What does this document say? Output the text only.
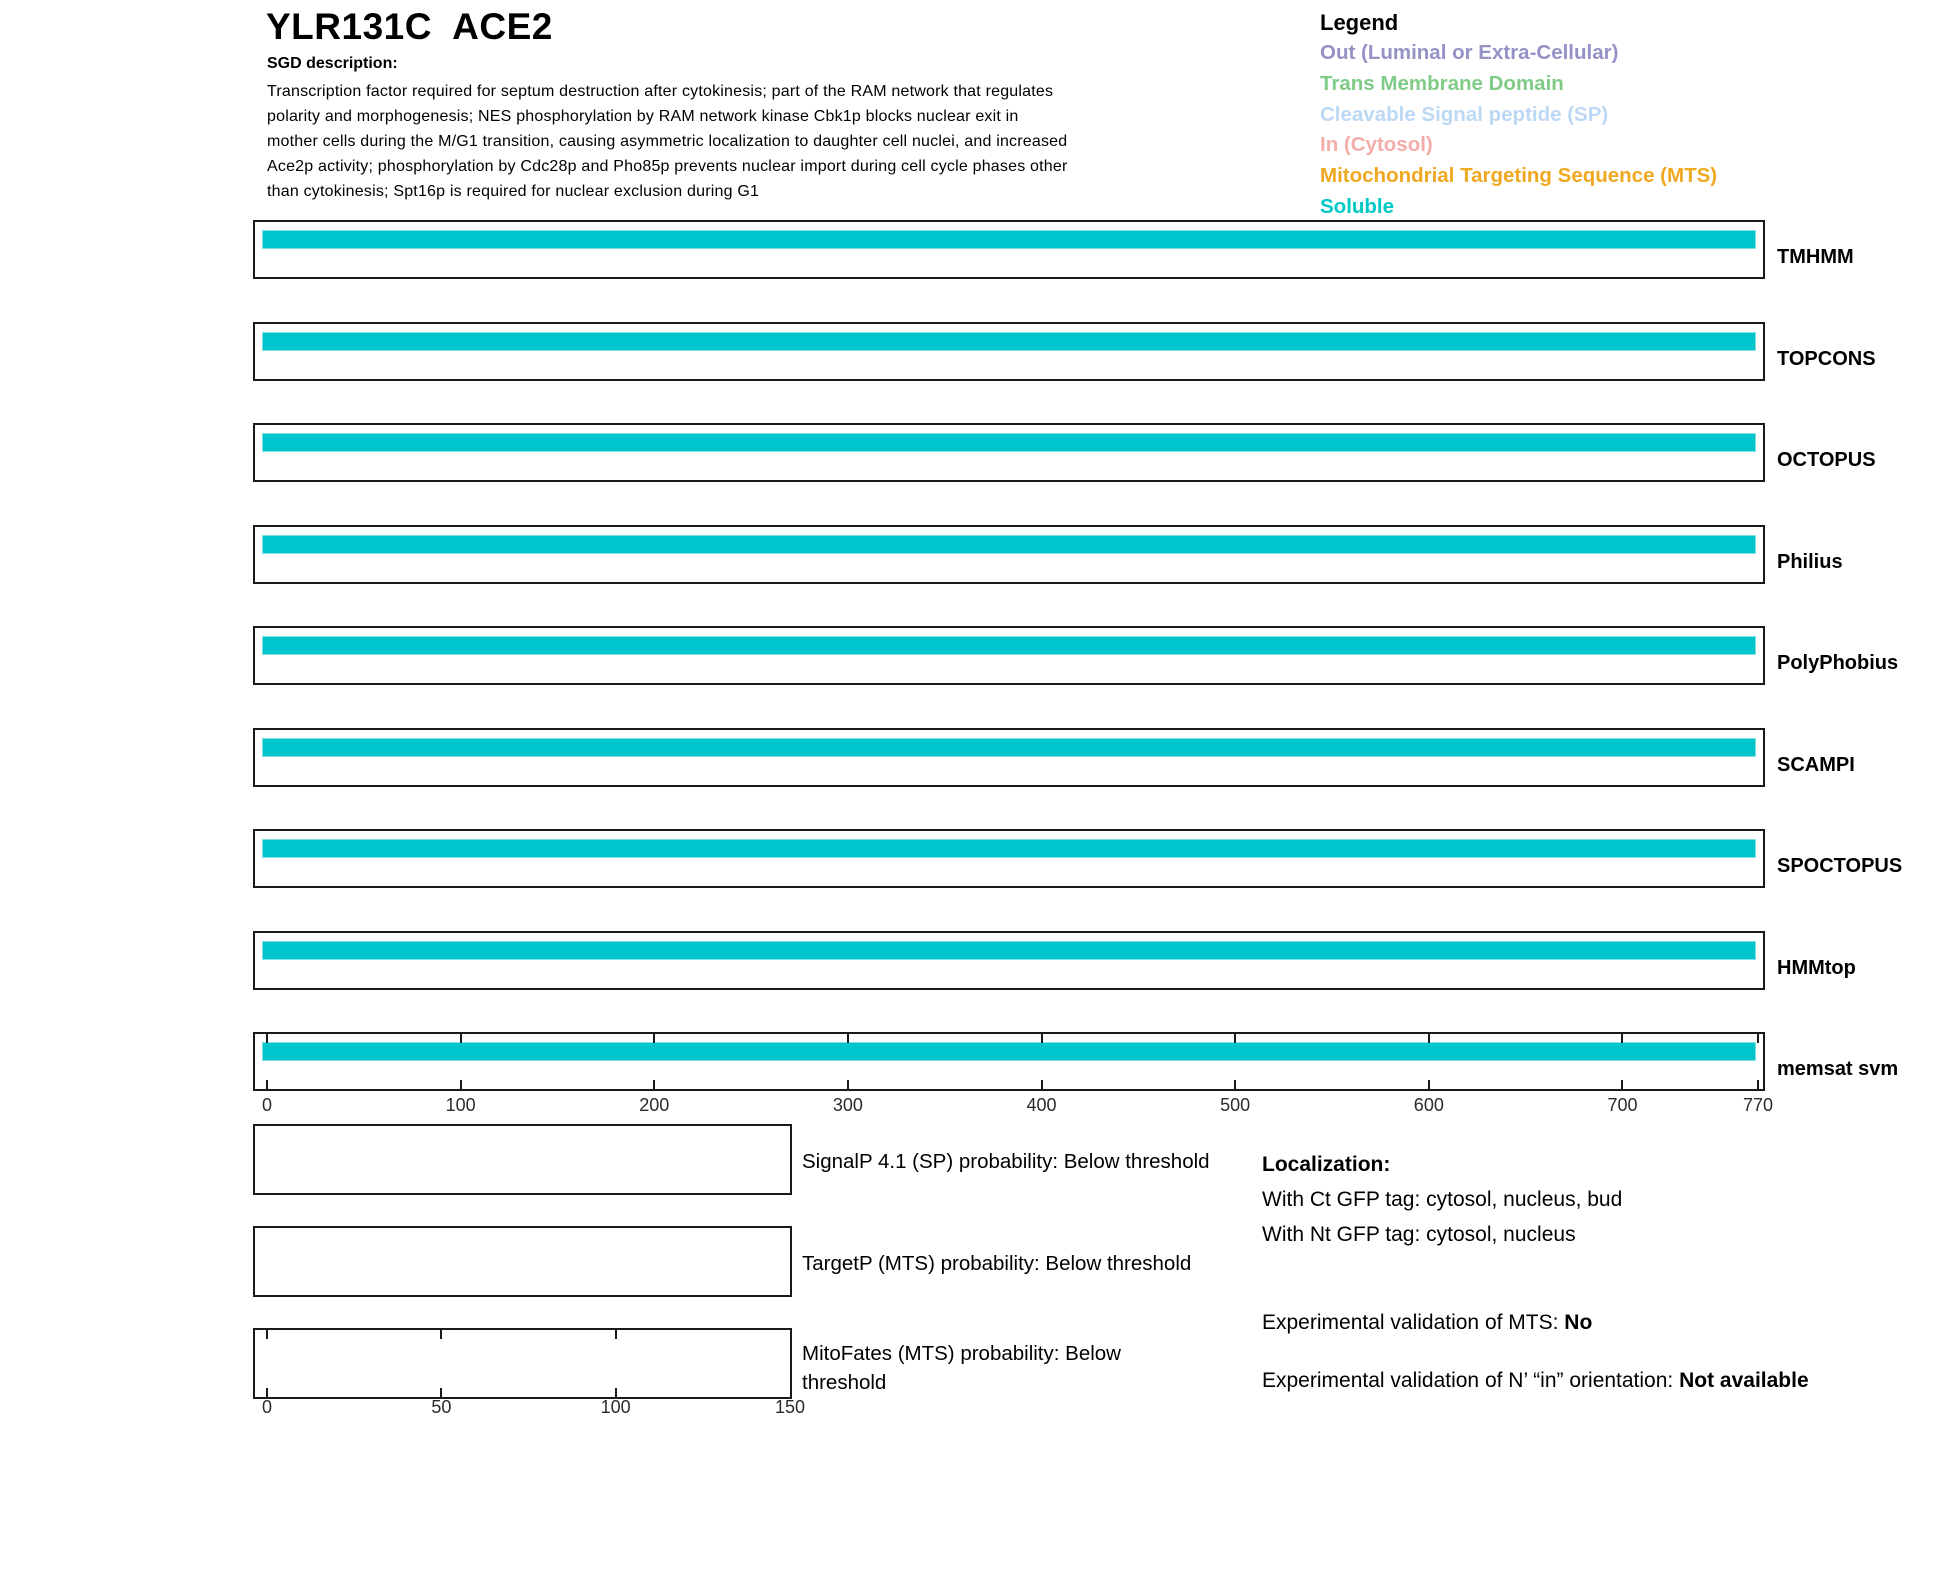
YLR131C  ACE2
SGD description:
Transcription factor required for septum destruction after cytokinesis; part of the RAM network that regulates
polarity and morphogenesis; NES phosphorylation by RAM network kinase Cbk1p blocks nuclear exit in
mother cells during the M/G1 transition, causing asymmetric localization to daughter cell nuclei, and increased
Ace2p activity; phosphorylation by Cdc28p and Pho85p prevents nuclear import during cell cycle phases other
than cytokinesis; Spt16p is required for nuclear exclusion during G1
Legend
Out (Luminal or Extra-Cellular)
Trans Membrane Domain
Cleavable Signal peptide (SP)
In (Cytosol)
Mitochondrial Targeting Sequence (MTS)
Soluble
TMHMM
TOPCONS
OCTOPUS
Philius
PolyPhobius
SCAMPI
SPOCTOPUS
HMMtop
memsat svm
0	100	200	300	400	500	600	700	770
0	50	100	150
SignalP 4.1 (SP) probability: Below threshold
TargetP (MTS) probability: Below threshold
MitoFates (MTS) probability: Below threshold
Localization:
With Ct GFP tag: cytosol, nucleus, bud
With Nt GFP tag: cytosol, nucleus
Experimental validation of MTS: No
Experimental validation of N’ “in” orientation: Not available
